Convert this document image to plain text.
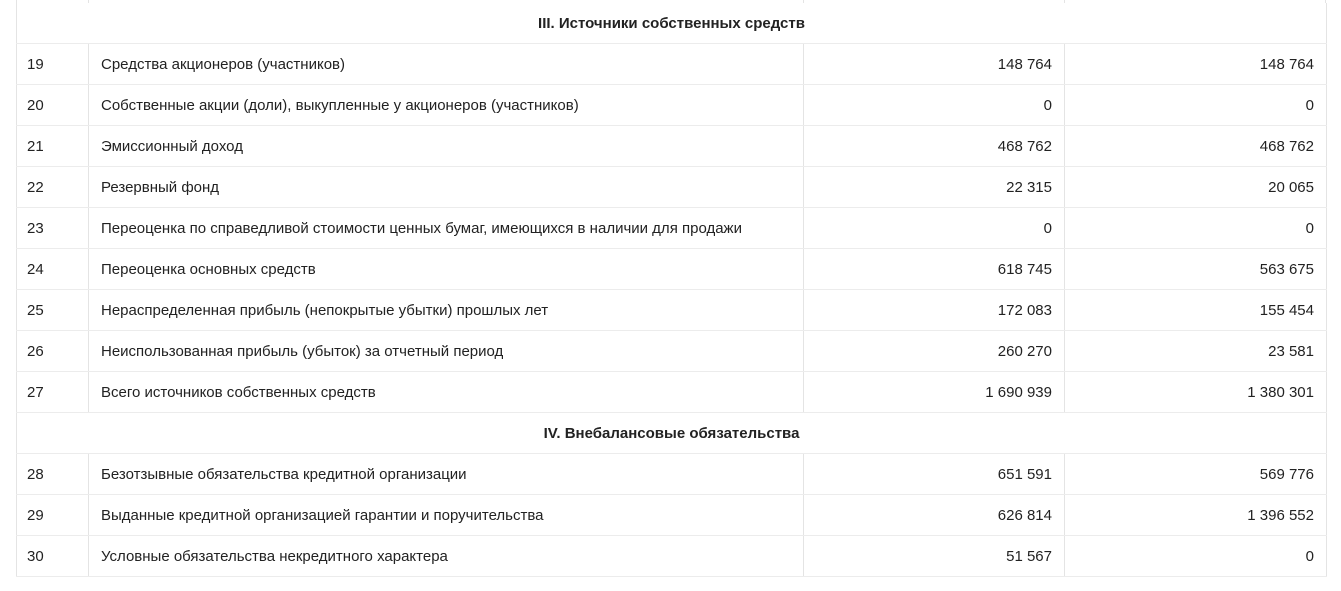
III. Источники собственных средств			
19	Средства акционеров (участников)	148 764	148 764
20	Собственные акции (доли), выкупленные у акционеров (участников)	0	0
21	Эмиссионный доход	468 762	468 762
22	Резервный фонд	22 315	20 065
23	Переоценка по справедливой стоимости ценных бумаг, имеющихся в наличии для продажи	0	0
24	Переоценка основных средств	618 745	563 675
25	Нераспределенная прибыль (непокрытые убытки) прошлых лет	172 083	155 454
26	Неиспользованная прибыль (убыток) за отчетный период	260 270	23 581
27	Всего источников собственных средств	1 690 939	1 380 301
IV. Внебалансовые обязательства			
28	Безотзывные обязательства кредитной организации	651 591	569 776
29	Выданные кредитной организацией гарантии и поручительства	626 814	1 396 552
30	Условные обязательства некредитного характера	51 567	0
